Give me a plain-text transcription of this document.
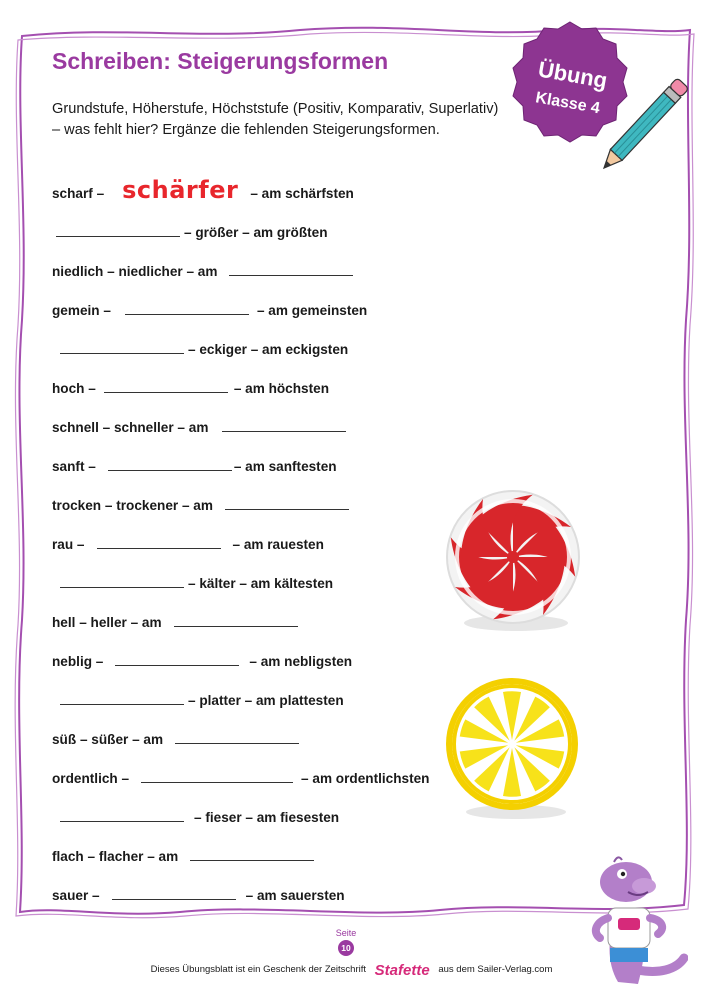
Schreiben: Steigerungsformen
Grundstufe, Höherstufe, Höchststufe (Positiv, Komparativ, Superlativ)
– was fehlt hier? Ergänze die fehlenden Steigerungsformen.
Übung
Klasse 4
scharf – schärfer – am schärfsten
– größer – am größten
niedlich – niedlicher – am
gemein –	– am gemeinsten
– eckiger – am eckigsten
hoch –	– am höchsten
schnell – schneller – am
sanft –	– am sanftesten
trocken – trockener – am
rau –	– am rauesten
– kälter – am kältesten
hell – heller – am
neblig –	– am nebligsten
– platter – am plattesten
süß – süßer – am
ordentlich –	– am ordentlichsten
– fieser – am fiesesten
flach – flacher – am
sauer –	– am sauersten
Seite
10
Dieses Übungsblatt ist ein Geschenk der Zeitschrift Stafette aus dem Sailer-Verlag.com
